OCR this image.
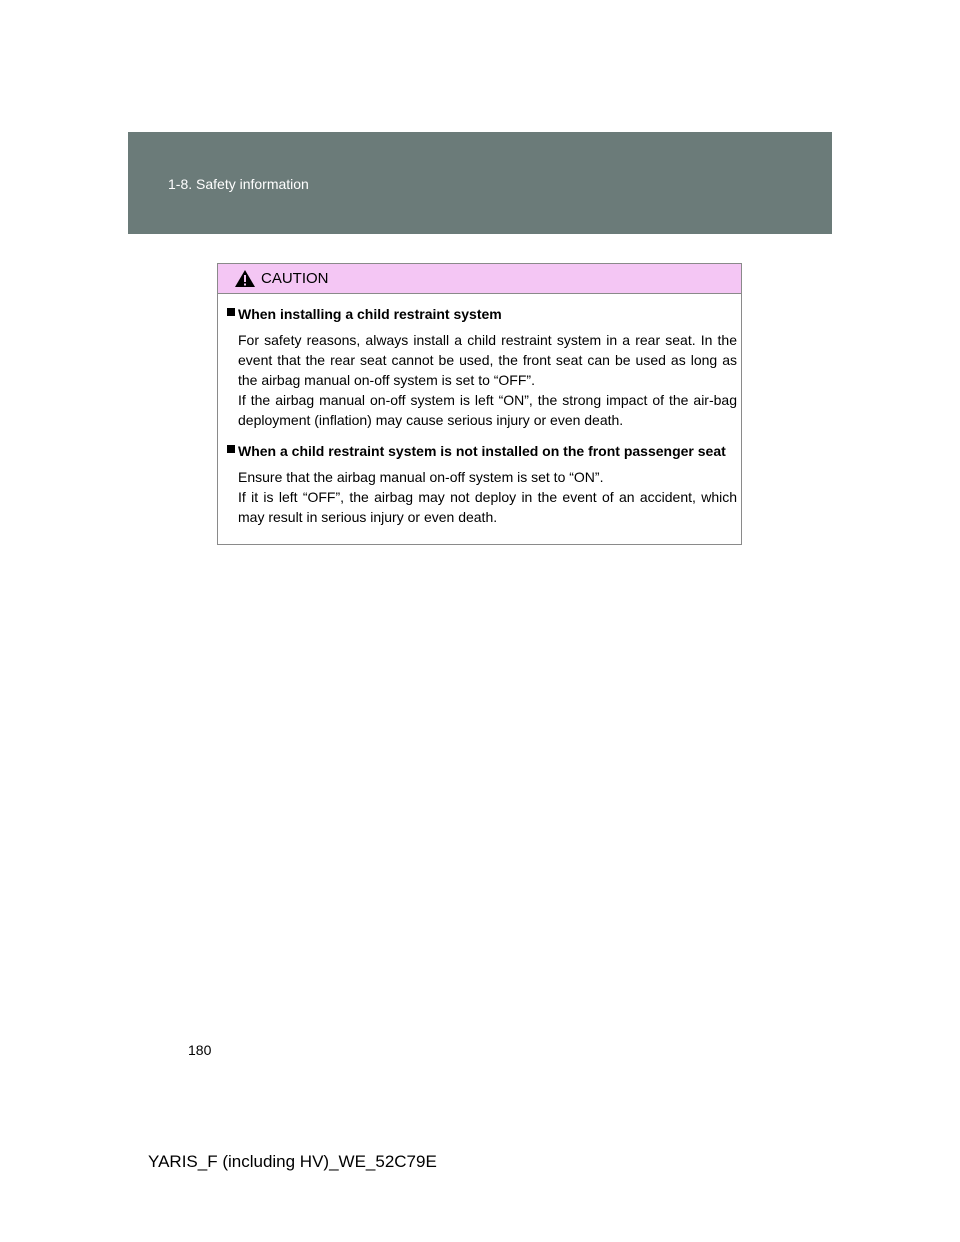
1-8. Safety information
CAUTION
When installing a child restraint system
For safety reasons, always install a child restraint system in a rear seat. In the event that the rear seat cannot be used, the front seat can be used as long as the airbag manual on-off system is set to “OFF”.
If the airbag manual on-off system is left “ON”, the strong impact of the air-bag deployment (inflation) may cause serious injury or even death.
When a child restraint system is not installed on the front passenger seat
Ensure that the airbag manual on-off system is set to “ON”.
If it is left “OFF”, the airbag may not deploy in the event of an accident, which may result in serious injury or even death.
180
YARIS_F (including HV)_WE_52C79E
